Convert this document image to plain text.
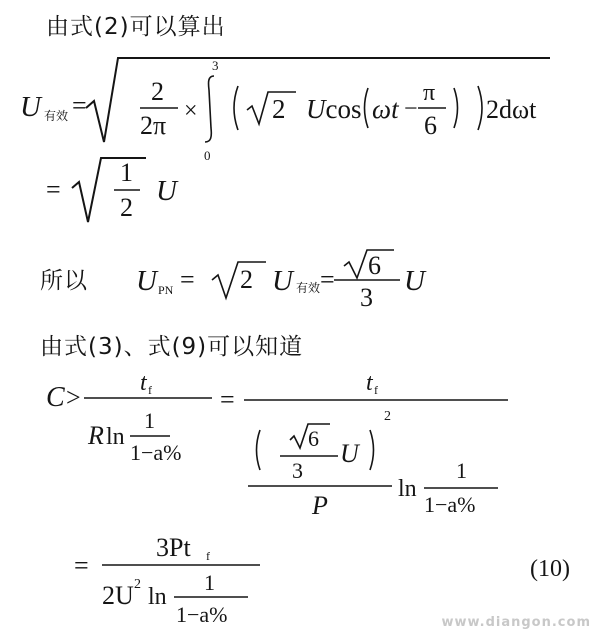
由式(2)可以算出
所以
由式(3)、式(9)可以知道
U 有效 = 2
2π ×
3
0
2 Ucos ωt −
π
6
2dωt
=
1
2
U
U PN = 2 U 有效 = 6
3
U
C > t f
R ln
1
1−a%
=
t f
2
6
3
U
P
ln
1
1−a%
=
3Pt f
2U 2 ln
1
1−a%
(10)
www.diangon.com
